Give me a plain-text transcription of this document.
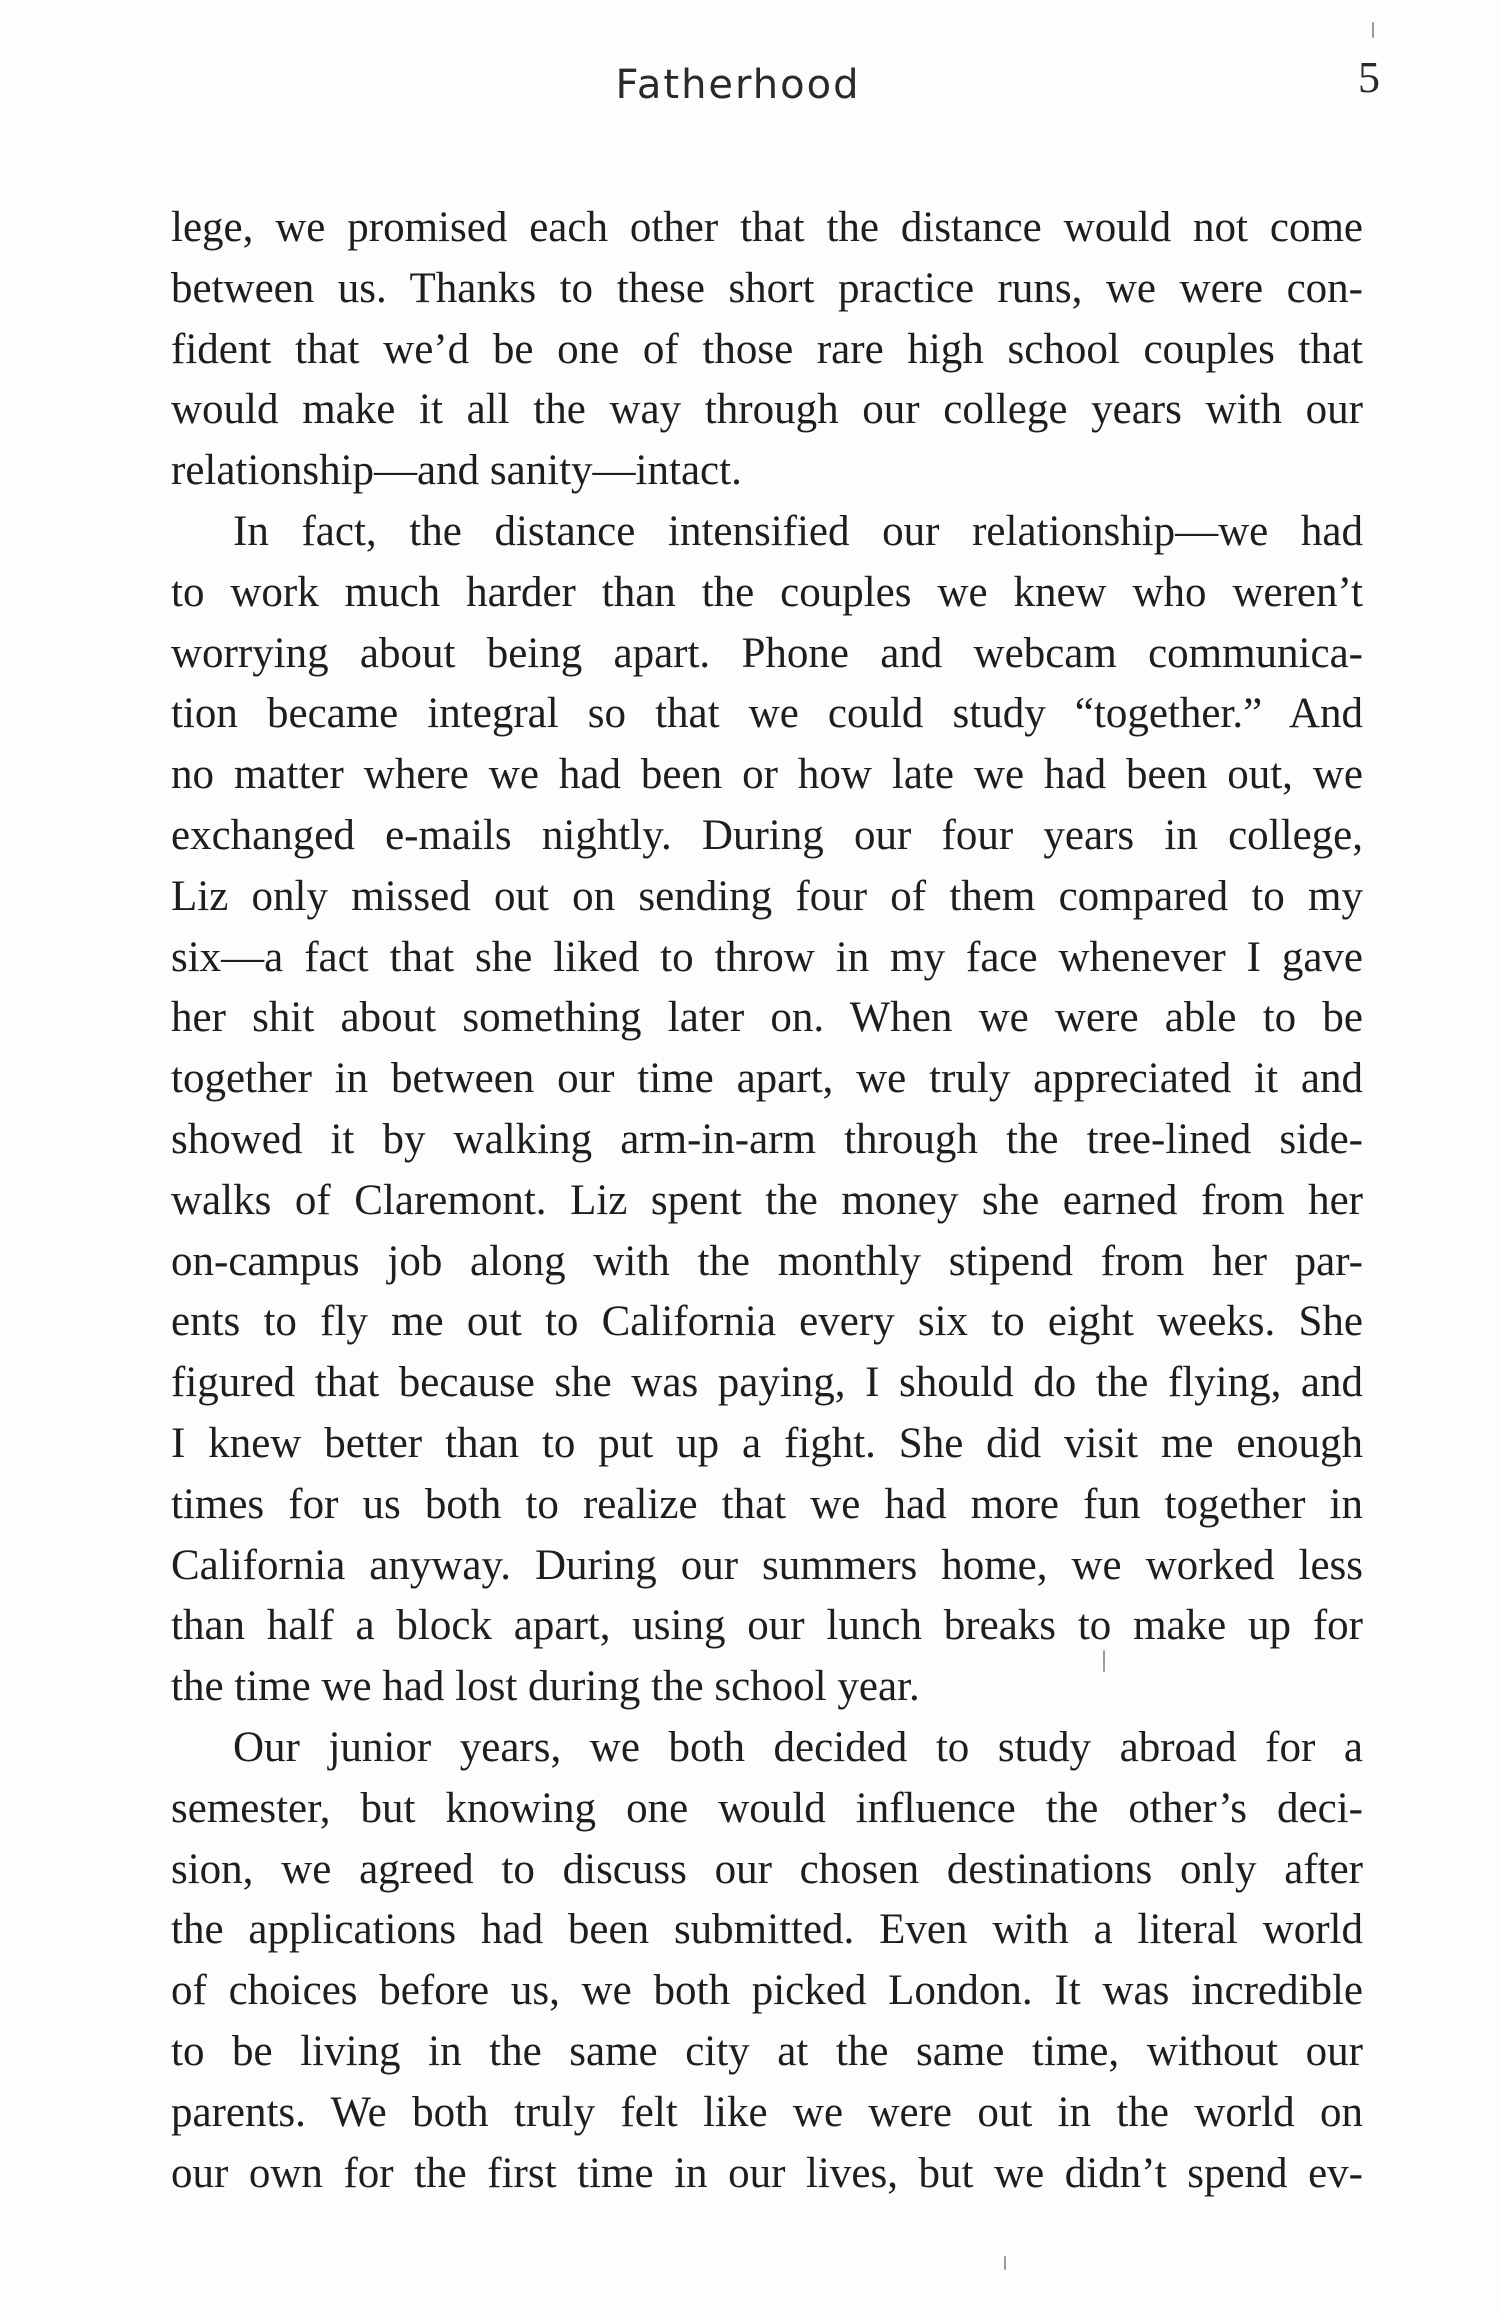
Fatherhood	5
lege, we promised each other that the distance would not come
between us. Thanks to these short practice runs, we were con-
fident that we’d be one of those rare high school couples that
would make it all the way through our college years with our
relationship—and sanity—intact.
In fact, the distance intensified our relationship—we had
to work much harder than the couples we knew who weren’t
worrying about being apart. Phone and webcam communica-
tion became integral so that we could study “together.” And
no matter where we had been or how late we had been out, we
exchanged e-mails nightly. During our four years in college,
Liz only missed out on sending four of them compared to my
six—a fact that she liked to throw in my face whenever I gave
her shit about something later on. When we were able to be
together in between our time apart, we truly appreciated it and
showed it by walking arm-in-arm through the tree-lined side-
walks of Claremont. Liz spent the money she earned from her
on-campus job along with the monthly stipend from her par-
ents to fly me out to California every six to eight weeks. She
figured that because she was paying, I should do the flying, and
I knew better than to put up a fight. She did visit me enough
times for us both to realize that we had more fun together in
California anyway. During our summers home, we worked less
than half a block apart, using our lunch breaks to make up for
the time we had lost during the school year.
Our junior years, we both decided to study abroad for a
semester, but knowing one would influence the other’s deci-
sion, we agreed to discuss our chosen destinations only after
the applications had been submitted. Even with a literal world
of choices before us, we both picked London. It was incredible
to be living in the same city at the same time, without our
parents. We both truly felt like we were out in the world on
our own for the first time in our lives, but we didn’t spend ev-
